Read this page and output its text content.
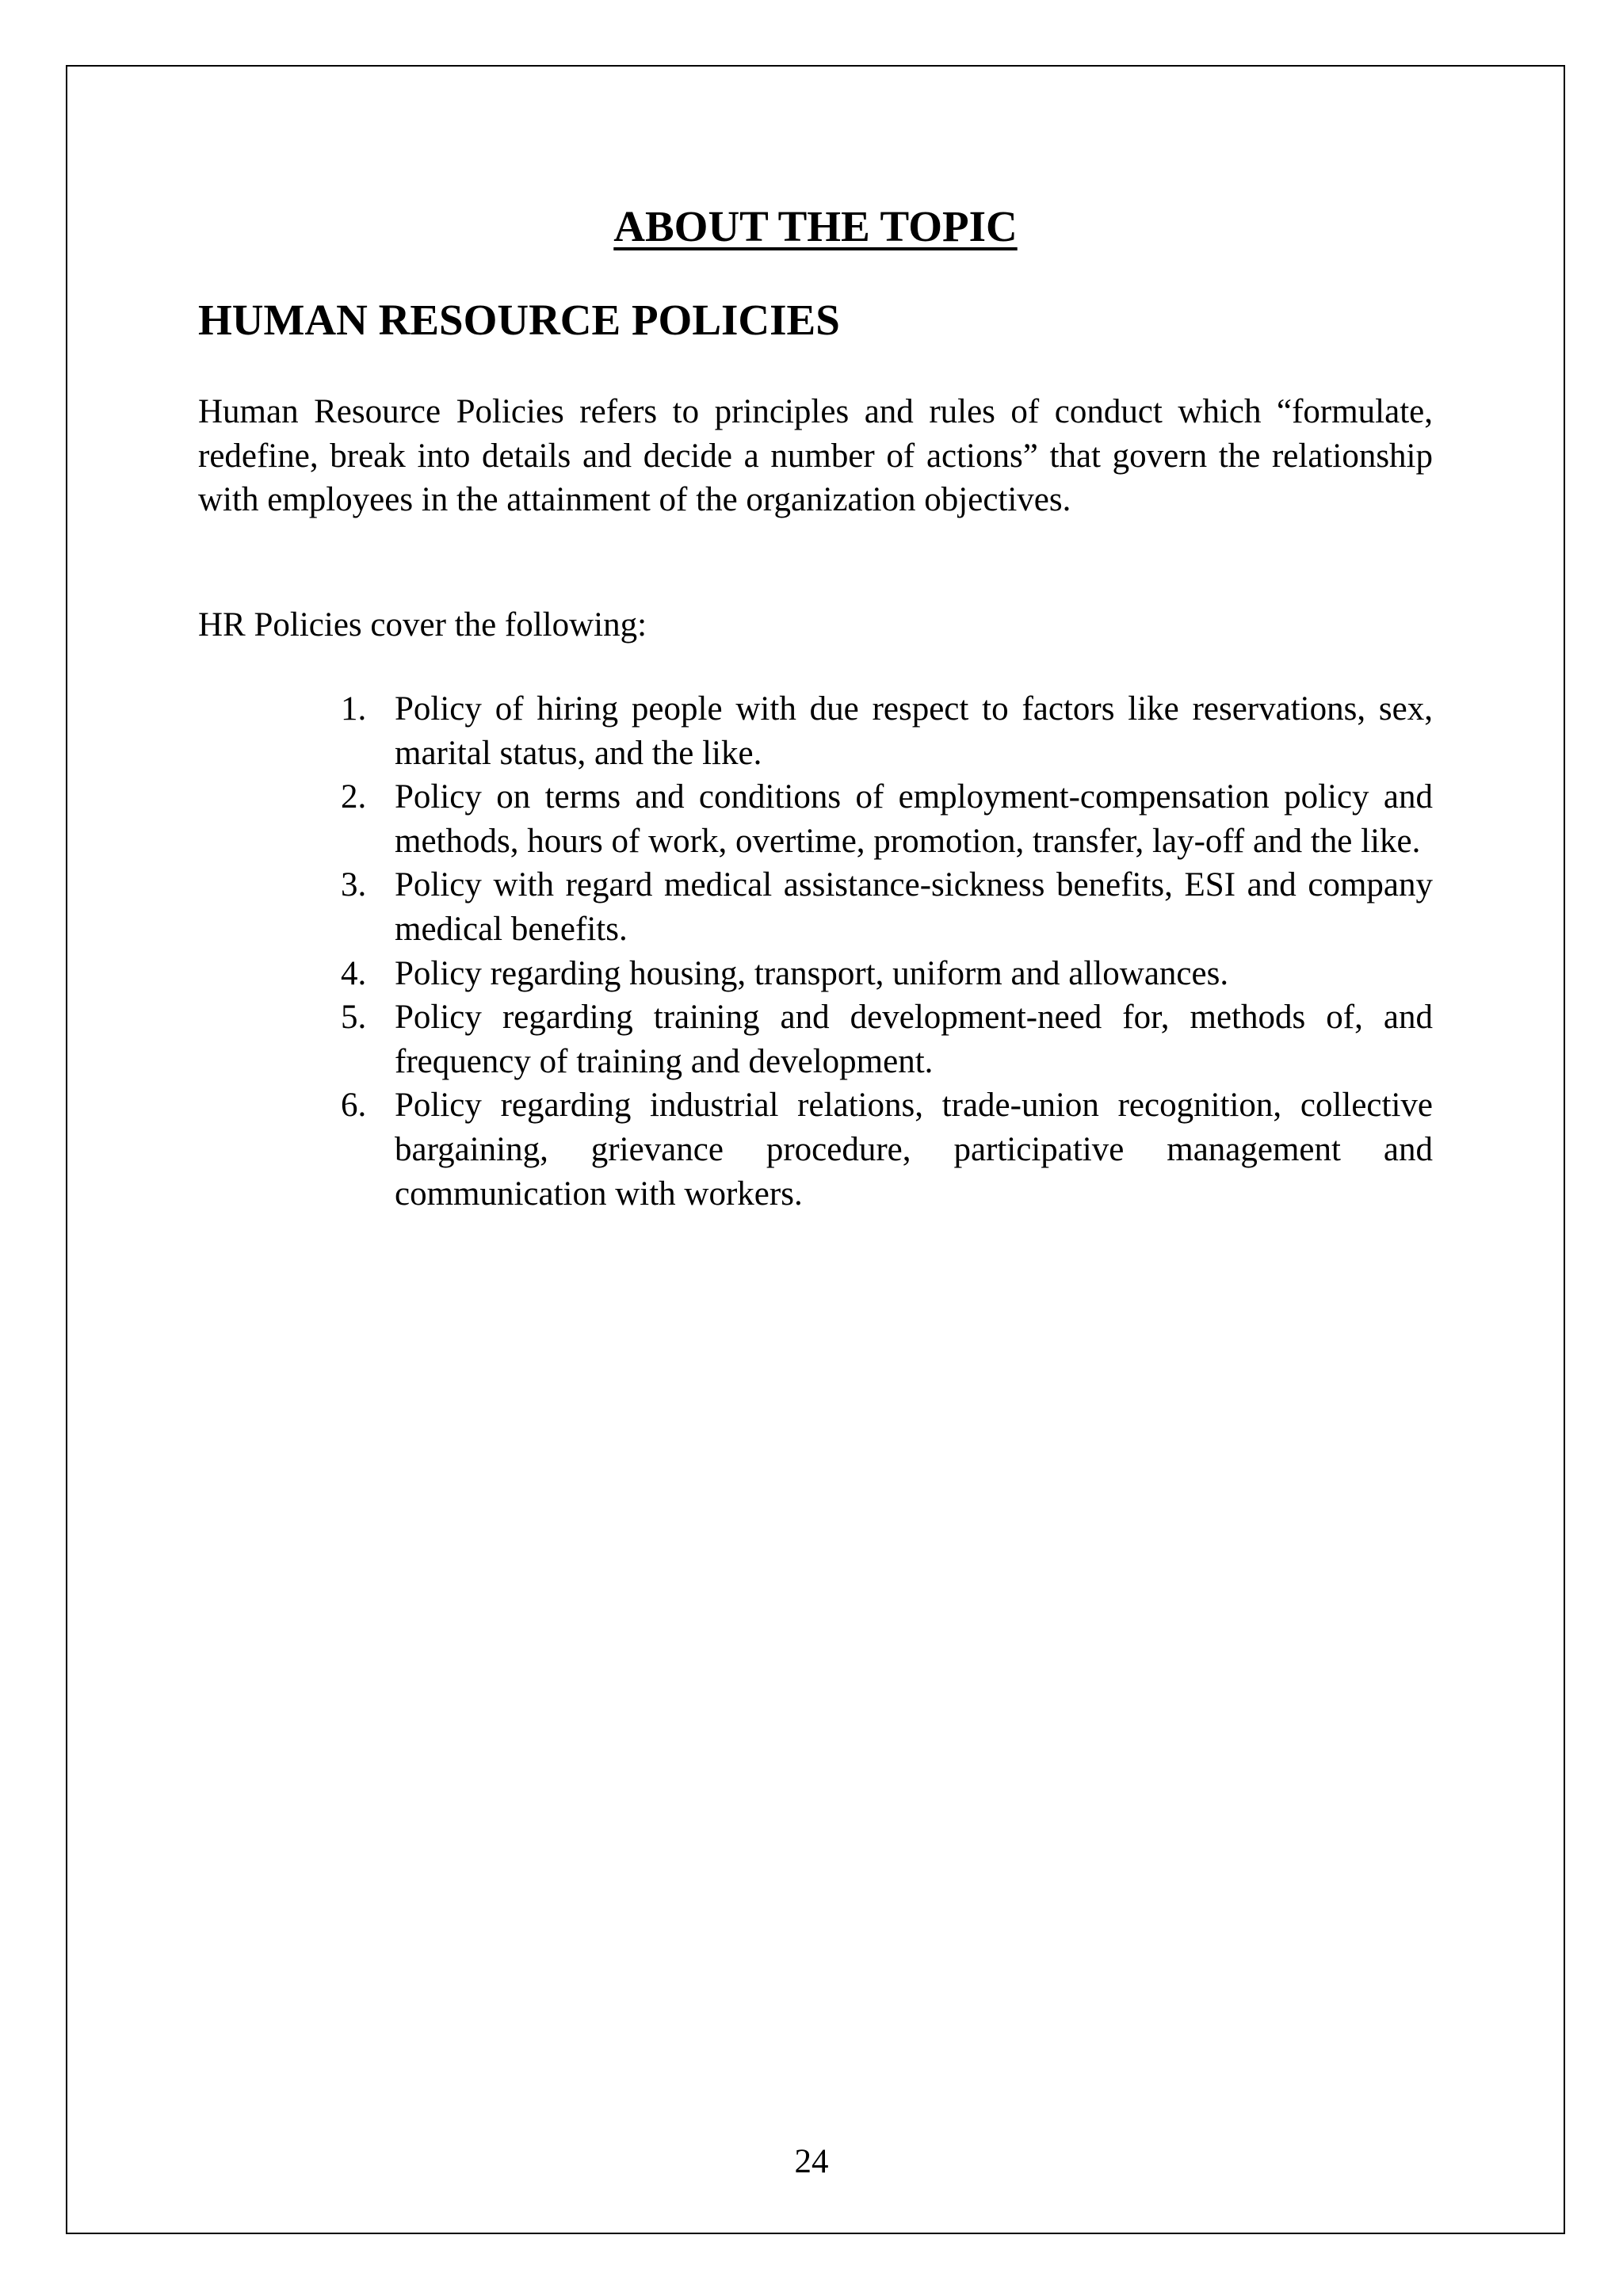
ABOUT THE TOPIC
HUMAN RESOURCE POLICIES

Human Resource Policies refers to principles and rules of conduct which “formulate, redefine, break into details and decide a number of actions” that govern the relationship with employees in the attainment of the organization objectives.

HR Policies cover the following:

1. Policy of hiring people with due respect to factors like reservations, sex, marital status, and the like.
2. Policy on terms and conditions of employment-compensation policy and methods, hours of work, overtime, promotion, transfer, lay-off and the like.
3. Policy with regard medical assistance-sickness benefits, ESI and company medical benefits.
4. Policy regarding housing, transport, uniform and allowances.
5. Policy regarding training and development-need for, methods of, and frequency of training and development.
6. Policy regarding industrial relations, trade-union recognition, collective bargaining, grievance procedure, participative management and communication with workers.
24
